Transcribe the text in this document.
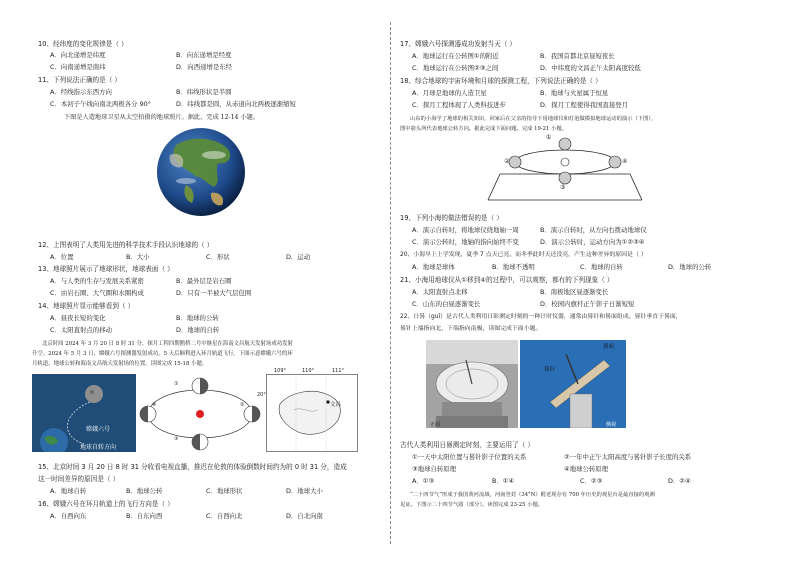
10、经纬度的变化规律是（ ）
A．向北递增是纬度	B．向东递增是经度
C．向南递增是南纬	D．向西递增是东经
11、下列说法正确的是（ ）
A．经线指示东西方向	B．纬线形状是半圆
C．本初子午线向南北两极各分 90°	D．纬线都是圆，从赤道向北两极逐渐缩短
下图是人造地球卫星从太空拍摄的地球照片。据此，完成 12-14 小题。
12、上图表明了人类用先进的科学技术手段认识地球的（ ）
A．位置	B．大小	C．形状	D．运动
13、地球照片展示了地球形状，地球表面（ ）
A．与人类的生存与发展关系紧密	B．最外层是岩石圈
C．由岩石圈、大气圈和水圈构成	D．只有一半被大气层包围
14、地球照片显示能够看到（ ）
A．昼夜长短的变化	B．地球的公转
C．太阳直射点的移动	D．地球的自转
北京时间 2024 年 3 月 20 日 8 时 31 分，探月工程四期鹊桥二号中继星在海南文昌航天发射场成功发射
升空。2024 年 5 月 3 日，嫦娥六号探测器发射成功，5 天后顺利进入环月轨道飞行。下图示意嫦娥六号的环
月轨道、地球公转和海南文昌航天发射场的位置。读图完成 15-18 小题。
嫦娥六号
地球自转方向
①
②
③
④
109°	110°	111°
20°
文昌
15、北京时间 3 月 20 日 8 时 31 分收看电视直播，推迟在伦敦的体验倒数时间约为的 0 时 31 分，造成
这一时间差异的原因是（ ）
A．地球自转	B．地球公转	C．地球形状	D．地球大小
16、嫦娥六号在环月轨道上的飞行方向是（ ）
A．自西向东	B．自东向西	C．自西向北	D．自北向南
17、嫦娥六号探测器成功发射当天（ ）
A．地球运行在公转图①的附近	B．我国首都北京昼短夜长
C．地球运行在公转图②③之间	D．中纬度的文昌正午太阳高度较低
18、综合地球的宇宙环境和月球的探测工程，下列说法正确的是（ ）
A．月球是地球的人造卫星	B．地球与火星属于恒星
C．探月工程体现了人类科技进步	D．探月工程使得我国直接登月
山东的小海学了地球的相关知识，回家后在父亲的指导下用地球仪和灯泡做模拟地球运动的演示（下图），
图中箭头所代表地球公转方向。据此完成下面问题。完成 19-21 小题。
①
②
③
④
19、下列小海的做法错误的是（ ）
A．演示自转时，将地球仪绕地轴一周	B．演示自转时，从左向右拨动地球仪
C．演示公转时，地轴的指向始终不变	D．演示公转时，运动方向为①②③④
20、小海早上上学发现，夏季 7 点天已亮，而冬季此时天还没亮，产生这种差异的原因是（ ）
A．地球是球体	B．地球不透明	C．地球的自转	D．地球的公转
21、小海用地球仪从①移到④的过程中，可以观察，都有的下列现象（ ）
A．太阳直射点北移	B．南极地区昼逐渐变长
C．山东的白昼逐渐变长	D．校园内旗杆正午影子日渐短短
22、日晷（guǐ）是古代人类利用日影测定时刻的一种计时仪器，通常由晷针和晷面组成。晷针垂直于晷面，
晷针上端指向北，下端指向南极，读图完成下面小题。
正面
晷面
晷针
侧视
古代人类利用日晷测定时刻，主要运用了（ ）
①一天中太阳位置与晷针影子位置的关系	②一年中正午太阳高度与晷针影子长度的关系
③地球自转原理	④地球公转原理
A．①③	B．①④	C．②③	D．②④
“二十四节气”形成于我国黄河流域，河南登封（34°N）附近现存有 700 年历史的观星台是最直接的观测
见证。下图示二十四节气圆（部分）。读图完成 23-25 小题。
